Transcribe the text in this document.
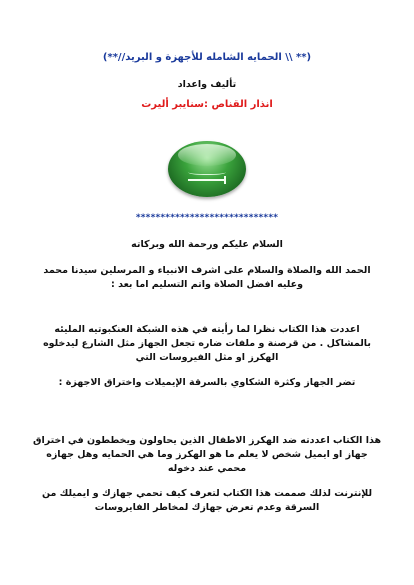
(** \\ الحمايه الشامله للأجهزة و البريد//**)
تأليف واعداد
انذار القناص :سنايبر أليرت
*****************************
السلام عليكم ورحمة الله وبركاته
الحمد الله والصلاة والسلام على اشرف الانبياء و المرسلين سيدنا محمد
وعليه افضل الصلاة واتم التسليم اما بعد :
اعددت هذا الكتاب نظرا لما رأيته في هذه الشبكة العنكبوتيه المليئه
بالمشاكل . من قرصنة و ملفات ضاره تجعل الجهاز مثل الشارع ليدخلوه
الهكرز او مثل الفيروسات التي
تضر الجهاز وكثرة الشكاوي بالسرقة الإيميلات واختراق الاجهزة :
هذا الكتاب اعددته ضد الهكرز الاطفال الذين يحاولون ويخططون في اختراق
جهاز او ايميل شخص لا يعلم ما هو الهكرز وما هي الحمايه وهل جهازه
محمي عند دخوله
للإنترنت لذلك صممت هذا الكتاب لتعرف كيف تحمي جهازك و ايميلك من
السرقة وعدم تعرض جهازك لمخاطر الفايروسات
